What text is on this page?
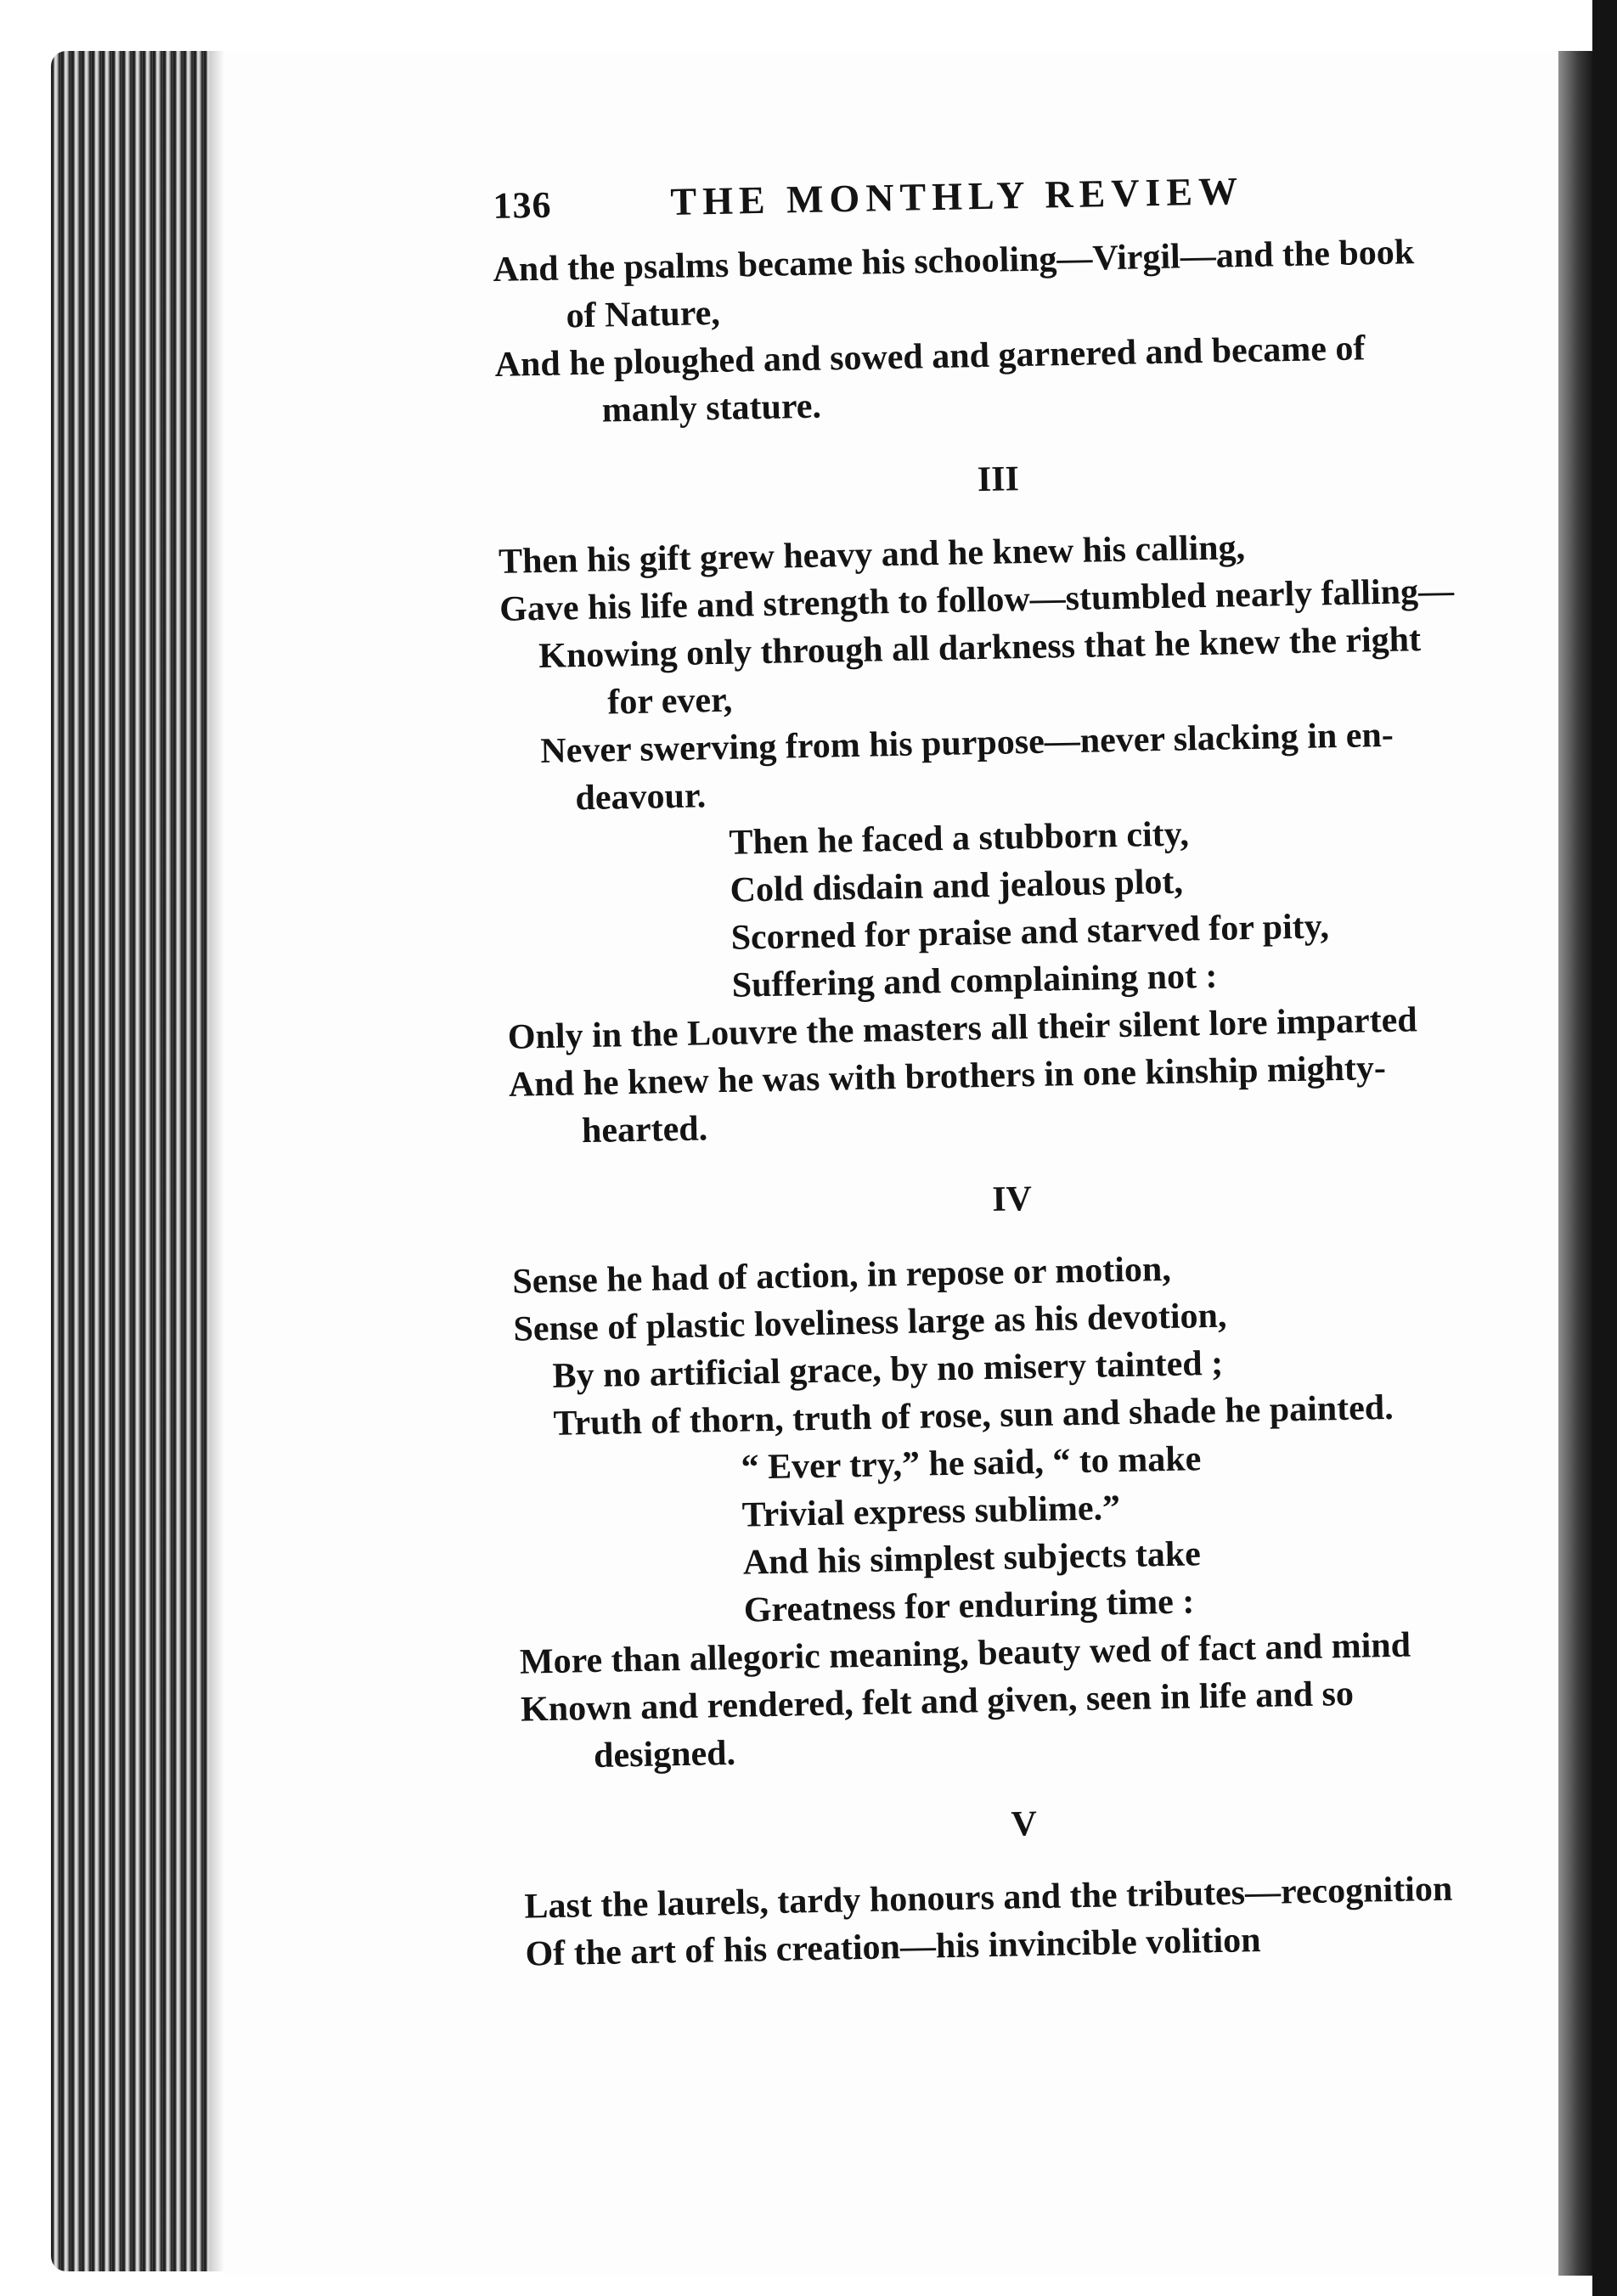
136	THE MONTHLY REVIEW
And the psalms became his schooling—Virgil—and the book
of Nature,
And he ploughed and sowed and garnered and became of
manly stature.
III
Then his gift grew heavy and he knew his calling,
Gave his life and strength to follow—stumbled nearly falling—
Knowing only through all darkness that he knew the right
for ever,
Never swerving from his purpose—never slacking in en-
deavour.
Then he faced a stubborn city,
Cold disdain and jealous plot,
Scorned for praise and starved for pity,
Suffering and complaining not :
Only in the Louvre the masters all their silent lore imparted
And he knew he was with brothers in one kinship mighty-
hearted.
IV
Sense he had of action, in repose or motion,
Sense of plastic loveliness large as his devotion,
By no artificial grace, by no misery tainted ;
Truth of thorn, truth of rose, sun and shade he painted.
“ Ever try,” he said, “ to make
Trivial express sublime.”
And his simplest subjects take
Greatness for enduring time :
More than allegoric meaning, beauty wed of fact and mind
Known and rendered, felt and given, seen in life and so
designed.
V
Last the laurels, tardy honours and the tributes—recognition
Of the art of his creation—his invincible volition
